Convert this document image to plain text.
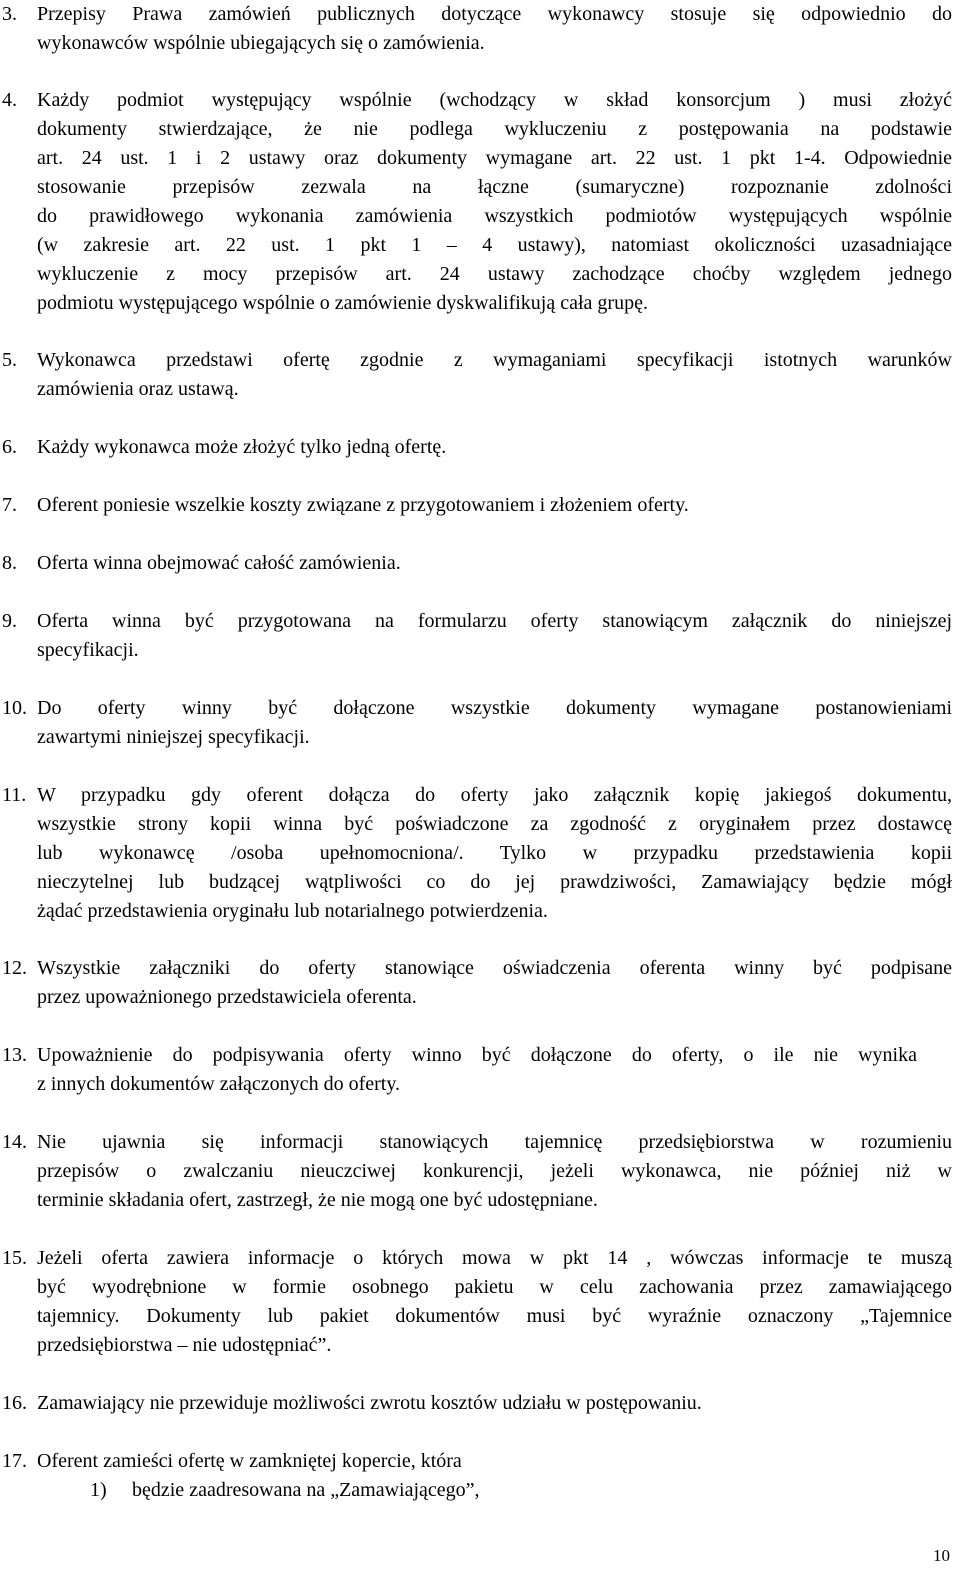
3. Przepisy Prawa zamówień publicznych dotyczące wykonawcy stosuje się odpowiednio do
wykonawców wspólnie ubiegających się o zamówienia.
4. Każdy podmiot występujący wspólnie (wchodzący w skład konsorcjum ) musi złożyć
dokumenty stwierdzające, że nie podlega wykluczeniu z postępowania na podstawie
art. 24 ust. 1 i 2 ustawy oraz dokumenty wymagane art. 22 ust. 1 pkt 1-4. Odpowiednie
stosowanie przepisów zezwala na łączne (sumaryczne) rozpoznanie zdolności
do prawidłowego wykonania zamówienia wszystkich podmiotów występujących wspólnie
(w zakresie art. 22 ust. 1 pkt 1 – 4 ustawy), natomiast okoliczności uzasadniające
wykluczenie z mocy przepisów art. 24 ustawy zachodzące choćby względem jednego
podmiotu występującego wspólnie o zamówienie dyskwalifikują cała grupę.
5. Wykonawca przedstawi ofertę zgodnie z wymaganiami specyfikacji istotnych warunków
zamówienia oraz ustawą.
6. Każdy wykonawca może złożyć tylko jedną ofertę.
7. Oferent poniesie wszelkie koszty związane z przygotowaniem i złożeniem oferty.
8. Oferta winna obejmować całość zamówienia.
9. Oferta winna być przygotowana na formularzu oferty stanowiącym załącznik do niniejszej
specyfikacji.
10. Do oferty winny być dołączone wszystkie dokumenty wymagane postanowieniami
zawartymi niniejszej specyfikacji.
11. W przypadku gdy oferent dołącza do oferty jako załącznik kopię jakiegoś dokumentu,
wszystkie strony kopii winna być poświadczone za zgodność z oryginałem przez dostawcę
lub wykonawcę /osoba upełnomocniona/. Tylko w przypadku przedstawienia kopii
nieczytelnej lub budzącej wątpliwości co do jej prawdziwości, Zamawiający będzie mógł
żądać przedstawienia oryginału lub notarialnego potwierdzenia.
12. Wszystkie załączniki do oferty stanowiące oświadczenia oferenta winny być podpisane
przez upoważnionego przedstawiciela oferenta.
13. Upoważnienie do podpisywania oferty winno być dołączone do oferty, o ile nie wynika
z innych dokumentów załączonych do oferty.
14. Nie ujawnia się informacji stanowiących tajemnicę przedsiębiorstwa w rozumieniu
przepisów o zwalczaniu nieuczciwej konkurencji, jeżeli wykonawca, nie później niż w
terminie składania ofert, zastrzegł, że nie mogą one być udostępniane.
15. Jeżeli oferta zawiera informacje o których mowa w pkt 14 , wówczas informacje te muszą
być wyodrębnione w formie osobnego pakietu w celu zachowania przez zamawiającego
tajemnicy. Dokumenty lub pakiet dokumentów musi być wyraźnie oznaczony „Tajemnice
przedsiębiorstwa – nie udostępniać”.
16. Zamawiający nie przewiduje możliwości zwrotu kosztów udziału w postępowaniu.
17. Oferent zamieści ofertę w zamkniętej kopercie, która
1) będzie zaadresowana na „Zamawiającego”,
10
